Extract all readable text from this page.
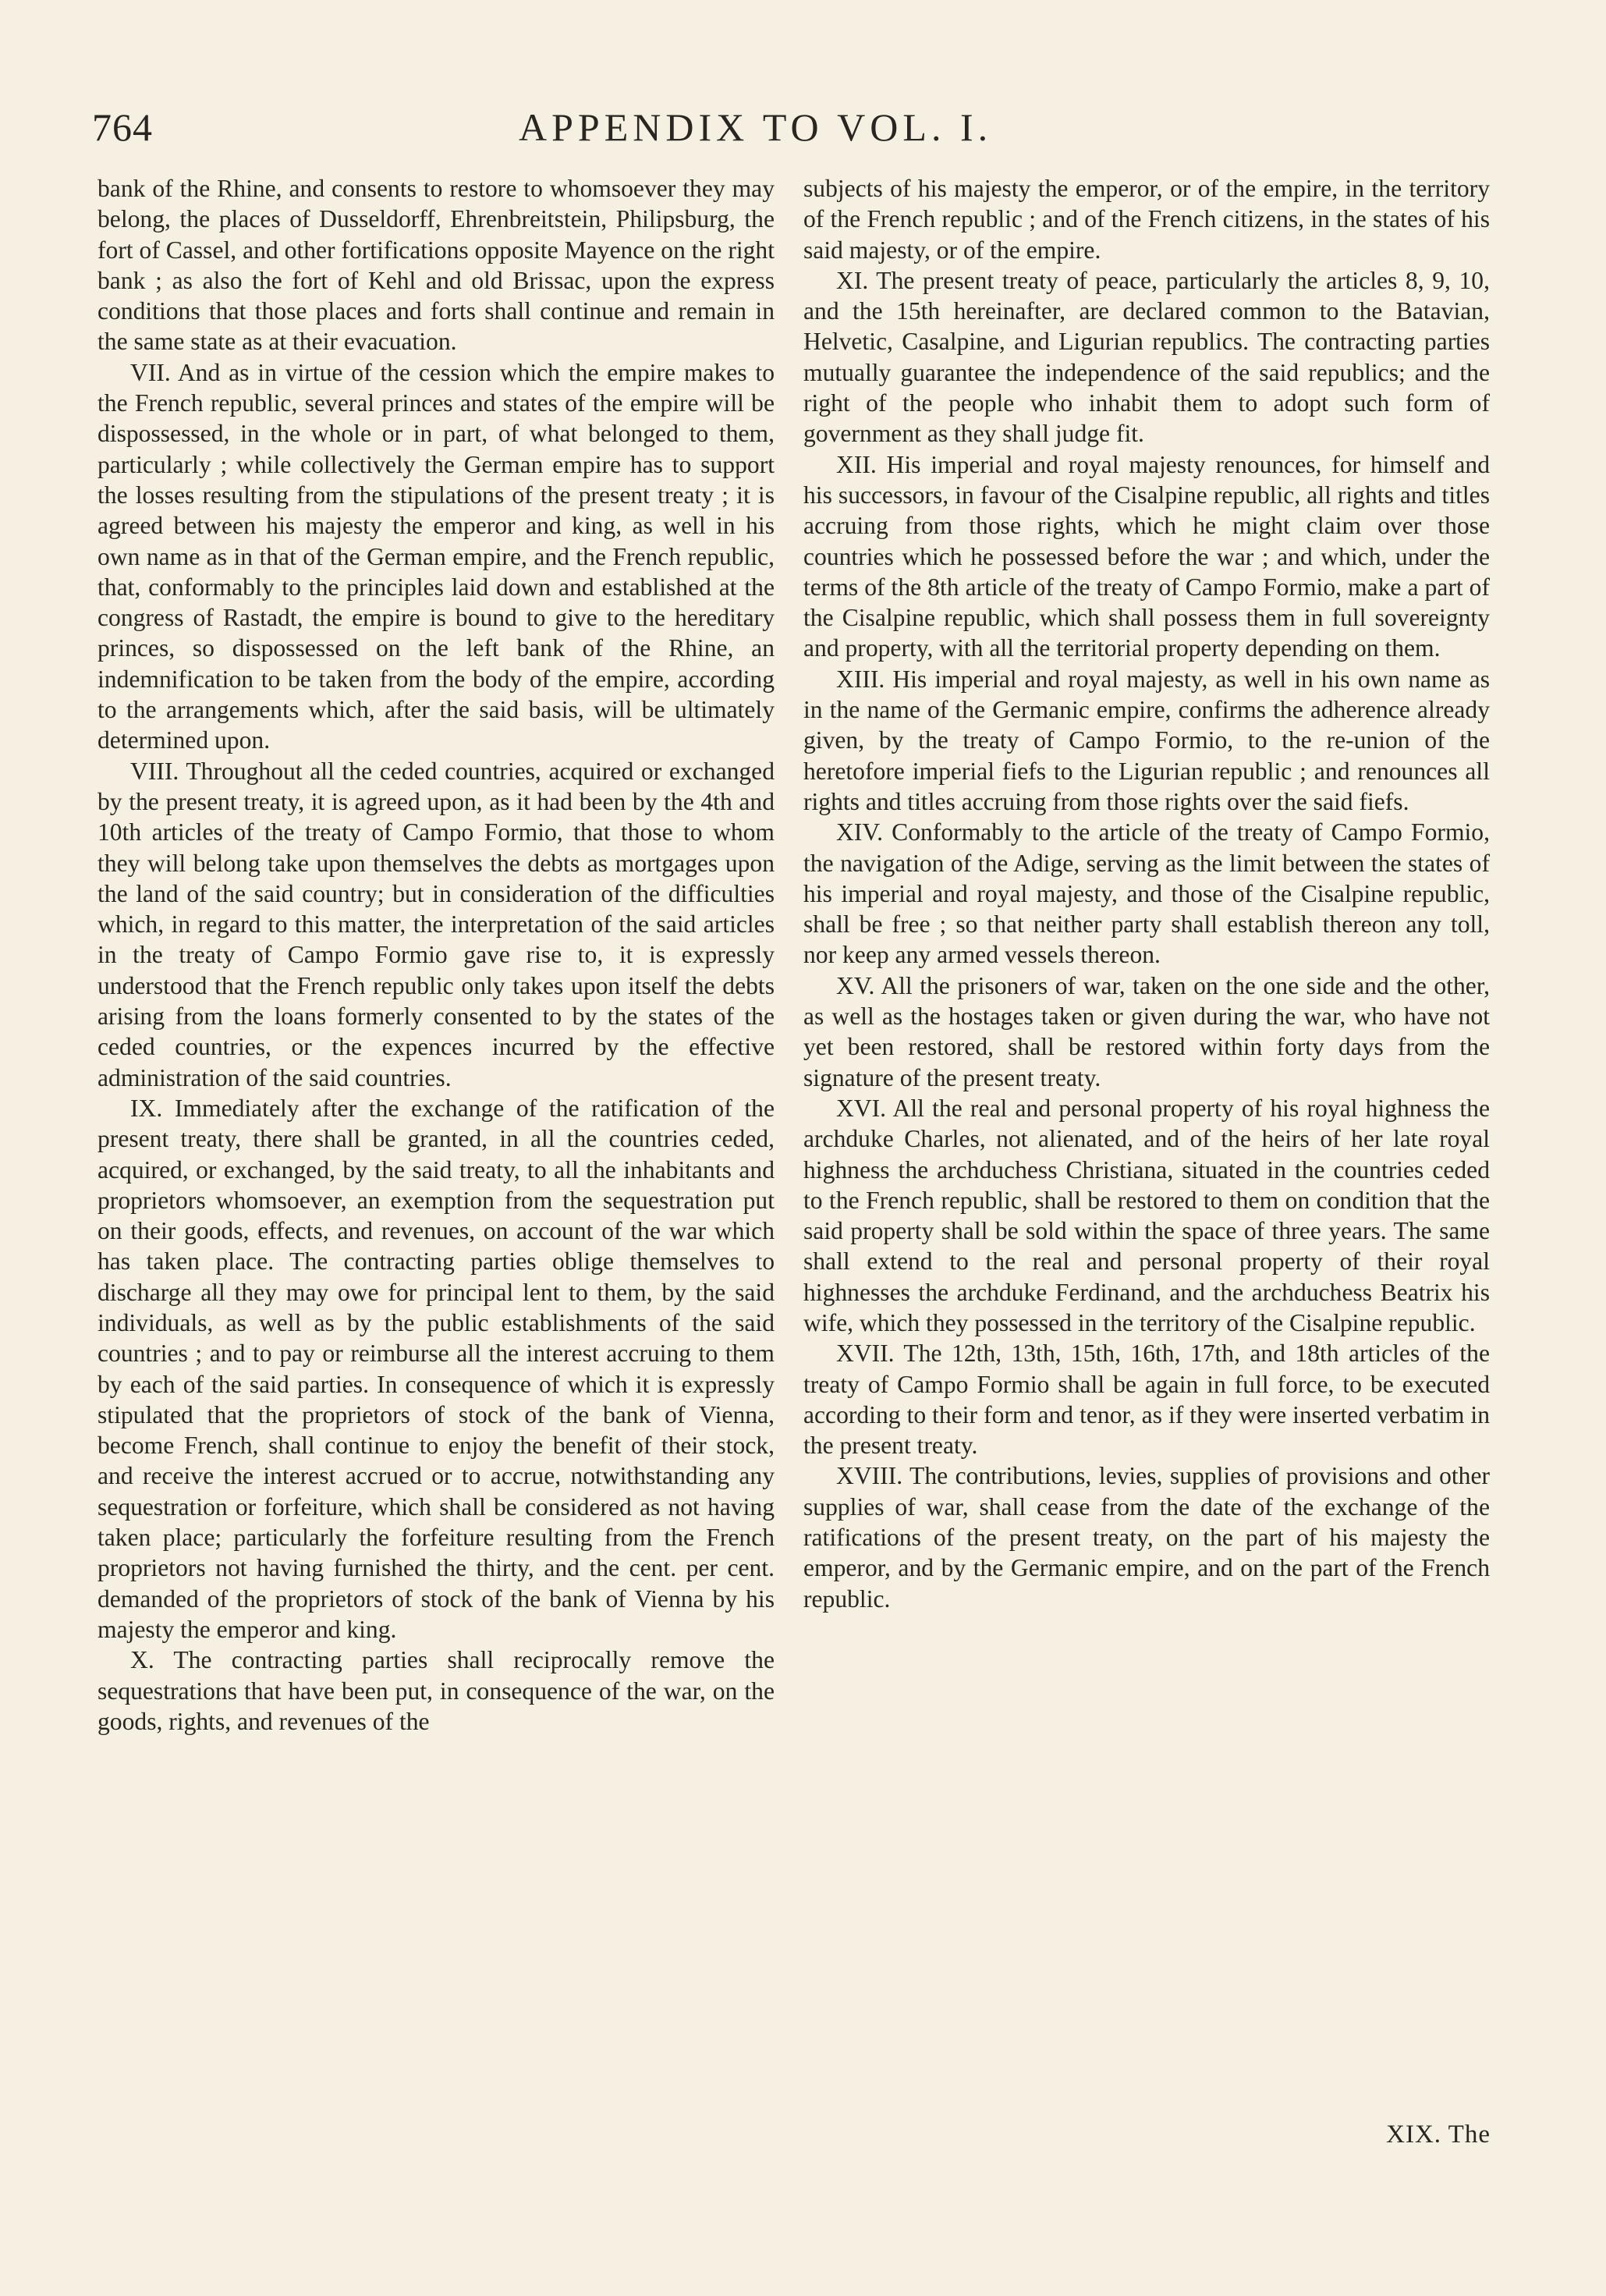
764	APPENDIX TO VOL. I.

bank of the Rhine, and consents to restore to whomsoever they may belong, the places of Dusseldorff, Ehrenbreitstein, Philipsburg, the fort of Cassel, and other fortifications opposite Mayence on the right bank ; as also the fort of Kehl and old Brissac, upon the express conditions that those places and forts shall continue and remain in the same state as at their evacuation.

VII. And as in virtue of the cession which the empire makes to the French republic, several princes and states of the empire will be dispossessed, in the whole or in part, of what belonged to them, particularly ; while collectively the German empire has to support the losses resulting from the stipulations of the present treaty ; it is agreed between his majesty the emperor and king, as well in his own name as in that of the German empire, and the French republic, that, conformably to the principles laid down and established at the congress of Rastadt, the empire is bound to give to the hereditary princes, so dispossessed on the left bank of the Rhine, an indemnification to be taken from the body of the empire, according to the arrangements which, after the said basis, will be ultimately determined upon.

VIII. Throughout all the ceded countries, acquired or exchanged by the present treaty, it is agreed upon, as it had been by the 4th and 10th articles of the treaty of Campo Formio, that those to whom they will belong take upon themselves the debts as mortgages upon the land of the said country; but in consideration of the difficulties which, in regard to this matter, the interpretation of the said articles in the treaty of Campo Formio gave rise to, it is expressly understood that the French republic only takes upon itself the debts arising from the loans formerly consented to by the states of the ceded countries, or the expences incurred by the effective administration of the said countries.

IX. Immediately after the exchange of the ratification of the present treaty, there shall be granted, in all the countries ceded, acquired, or exchanged, by the said treaty, to all the inhabitants and proprietors whomsoever, an exemption from the sequestration put on their goods, effects, and revenues, on account of the war which has taken place. The contracting parties oblige themselves to discharge all they may owe for principal lent to them, by the said individuals, as well as by the public establishments of the said countries ; and to pay or reimburse all the interest accruing to them by each of the said parties. In consequence of which it is expressly stipulated that the proprietors of stock of the bank of Vienna, become French, shall continue to enjoy the benefit of their stock, and receive the interest accrued or to accrue, notwithstanding any sequestration or forfeiture, which shall be considered as not having taken place; particularly the forfeiture resulting from the French proprietors not having furnished the thirty, and the cent. per cent. demanded of the proprietors of stock of the bank of Vienna by his majesty the emperor and king.

X. The contracting parties shall reciprocally remove the sequestrations that have been put, in consequence of the war, on the goods, rights, and revenues of the

subjects of his majesty the emperor, or of the empire, in the territory of the French republic ; and of the French citizens, in the states of his said majesty, or of the empire.

XI. The present treaty of peace, particularly the articles 8, 9, 10, and the 15th hereinafter, are declared common to the Batavian, Helvetic, Casalpine, and Ligurian republics. The contracting parties mutually guarantee the independence of the said republics; and the right of the people who inhabit them to adopt such form of government as they shall judge fit.

XII. His imperial and royal majesty renounces, for himself and his successors, in favour of the Cisalpine republic, all rights and titles accruing from those rights, which he might claim over those countries which he possessed before the war ; and which, under the terms of the 8th article of the treaty of Campo Formio, make a part of the Cisalpine republic, which shall possess them in full sovereignty and property, with all the territorial property depending on them.

XIII. His imperial and royal majesty, as well in his own name as in the name of the Germanic empire, confirms the adherence already given, by the treaty of Campo Formio, to the re-union of the heretofore imperial fiefs to the Ligurian republic ; and renounces all rights and titles accruing from those rights over the said fiefs.

XIV. Conformably to the article of the treaty of Campo Formio, the navigation of the Adige, serving as the limit between the states of his imperial and royal majesty, and those of the Cisalpine republic, shall be free ; so that neither party shall establish thereon any toll, nor keep any armed vessels thereon.

XV. All the prisoners of war, taken on the one side and the other, as well as the hostages taken or given during the war, who have not yet been restored, shall be restored within forty days from the signature of the present treaty.

XVI. All the real and personal property of his royal highness the archduke Charles, not alienated, and of the heirs of her late royal highness the archduchess Christiana, situated in the countries ceded to the French republic, shall be restored to them on condition that the said property shall be sold within the space of three years. The same shall extend to the real and personal property of their royal highnesses the archduke Ferdinand, and the archduchess Beatrix his wife, which they possessed in the territory of the Cisalpine republic.

XVII. The 12th, 13th, 15th, 16th, 17th, and 18th articles of the treaty of Campo Formio shall be again in full force, to be executed according to their form and tenor, as if they were inserted verbatim in the present treaty.

XVIII. The contributions, levies, supplies of provisions and other supplies of war, shall cease from the date of the exchange of the ratifications of the present treaty, on the part of his majesty the emperor, and by the Germanic empire, and on the part of the French republic.

XIX. The
